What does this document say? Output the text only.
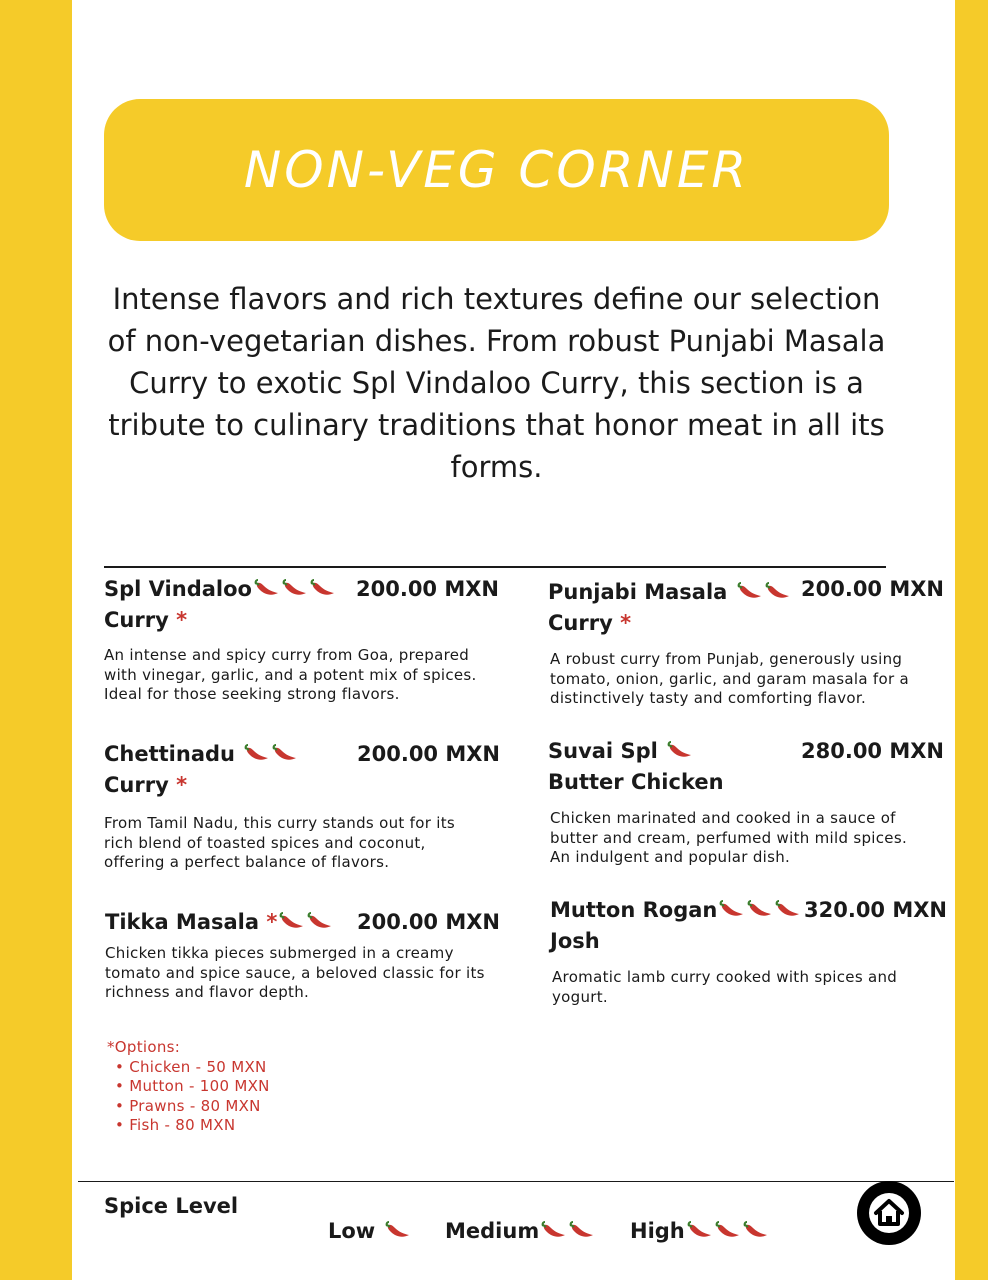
NON-VEG CORNER
Intense flavors and rich textures define our selection of non-vegetarian dishes. From robust Punjabi Masala Curry to exotic Spl Vindaloo Curry, this section is a tribute to culinary traditions that honor meat in all its forms.
Spl Vindaloo
Curry *
200.00 MXN
An intense and spicy curry from Goa, prepared with vinegar, garlic, and a potent mix of spices. Ideal for those seeking strong flavors.
Chettinadu
Curry *
200.00 MXN
From Tamil Nadu, this curry stands out for its rich blend of toasted spices and coconut, offering a perfect balance of flavors.
Tikka Masala *	200.00 MXN
Chicken tikka pieces submerged in a creamy tomato and spice sauce, a beloved classic for its richness and flavor depth.
Punjabi Masala
Curry *
200.00 MXN
A robust curry from Punjab, generously using tomato, onion, garlic, and garam masala for a distinctively tasty and comforting flavor.
Suvai Spl
Butter Chicken
280.00 MXN
Chicken marinated and cooked in a sauce of butter and cream, perfumed with mild spices. An indulgent and popular dish.
Mutton Rogan
Josh
320.00 MXN
Aromatic lamb curry cooked with spices and yogurt.
*Options:
• Chicken - 50 MXN
• Mutton - 100 MXN
• Prawns - 80 MXN
• Fish - 80 MXN
Spice Level
Low	Medium	High
